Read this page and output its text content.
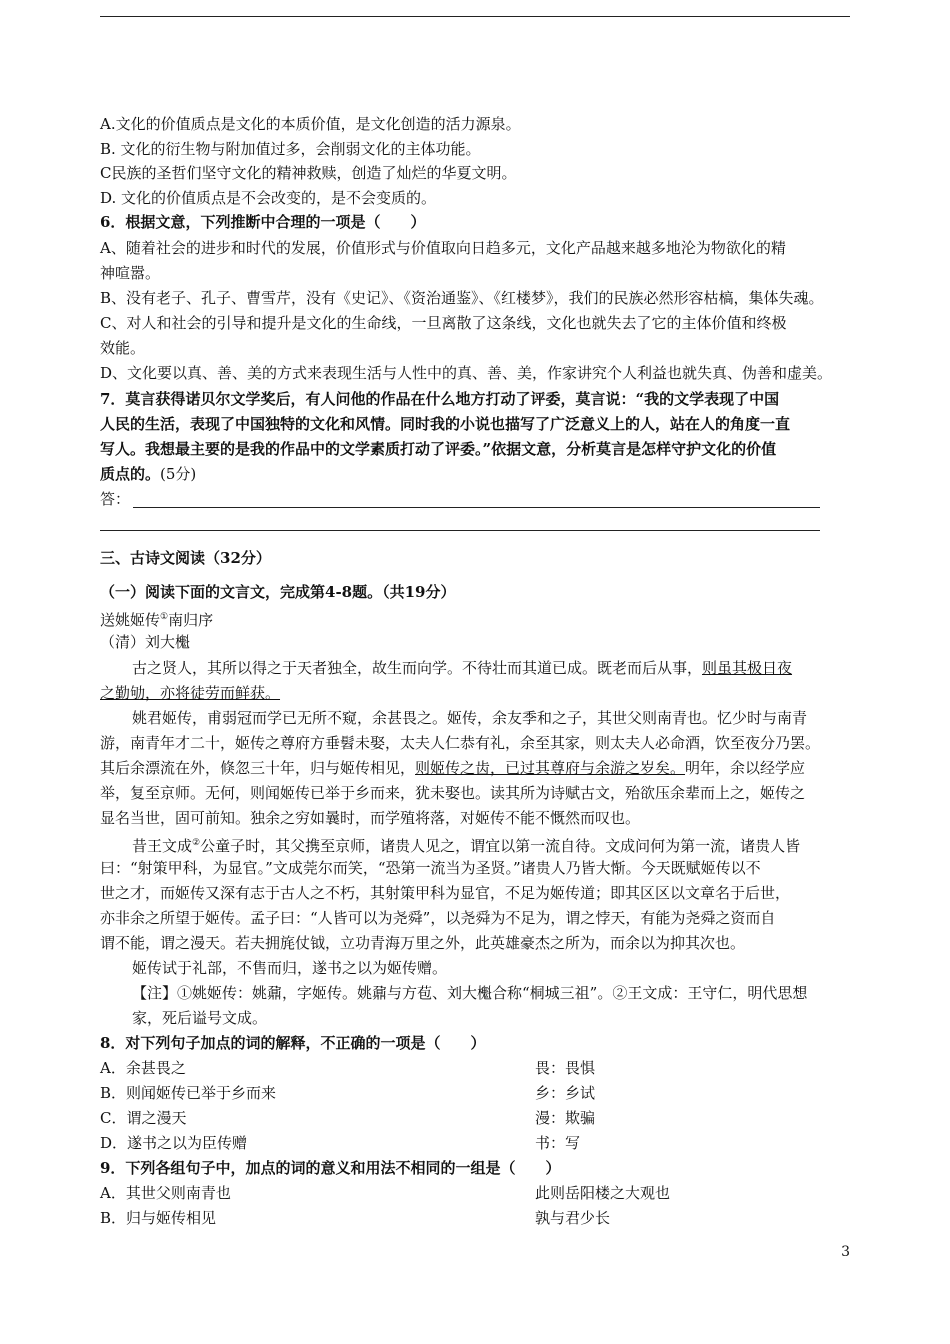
A.文化的价值质点是文化的本质价值，是文化创造的活力源泉。
B. 文化的衍生物与附加值过多，会削弱文化的主体功能。
C民族的圣哲们坚守文化的精神救赎，创造了灿烂的华夏文明。
D. 文化的价值质点是不会改变的，是不会变质的。
6．根据文意，下列推断中合理的一项是（　　）
A、随着社会的进步和时代的发展，价值形式与价值取向日趋多元，文化产品越来越多地沦为物欲化的精
神喧嚣。
B、没有老子、孔子、曹雪芹，没有《史记》、《资治通鉴》、《红楼梦》，我们的民族必然形容枯槁，集体失魂。
C、对人和社会的引导和提升是文化的生命线，一旦离散了这条线，文化也就失去了它的主体价值和终极
效能。
D、文化要以真、善、美的方式来表现生活与人性中的真、善、美，作家讲究个人利益也就失真、伪善和虚美。
7．莫言获得诺贝尔文学奖后，有人问他的作品在什么地方打动了评委，莫言说：“我的文学表现了中国
人民的生活，表现了中国独特的文化和风情。同时我的小说也描写了广泛意义上的人，站在人的角度一直
写人。我想最主要的是我的作品中的文学素质打动了评委。”依据文意，分析莫言是怎样守护文化的价值
质点的。(5分)
答：
三、古诗文阅读（32分）
（一）阅读下面的文言文，完成第4-8题。（共19分）
送姚姬传①南归序
（清）刘大櫆
古之贤人，其所以得之于天者独全，故生而向学。不待壮而其道已成。既老而后从事，则虽其极日夜
之勤劬，亦将徒劳而鲜获。
姚君姬传，甫弱冠而学已无所不窥，余甚畏之。姬传，余友季和之子，其世父则南青也。忆少时与南青
游，南青年才二十，姬传之尊府方垂髫未娶，太夫人仁恭有礼，余至其家，则太夫人必命酒，饮至夜分乃罢。
其后余漂流在外，倏忽三十年，归与姬传相见，则姬传之齿，已过其尊府与余游之岁矣。明年，余以经学应
举，复至京师。无何，则闻姬传已举于乡而来，犹未娶也。读其所为诗赋古文，殆欲压余辈而上之，姬传之
显名当世，固可前知。独余之穷如曩时，而学殖将落，对姬传不能不慨然而叹也。
昔王文成②公童子时，其父携至京师，诸贵人见之，谓宜以第一流自待。文成问何为第一流，诸贵人皆
曰：“射策甲科，为显官。”文成莞尔而笑，“恐第一流当为圣贤。”诸贵人乃皆大惭。今天既赋姬传以不
世之才，而姬传又深有志于古人之不朽，其射策甲科为显官，不足为姬传道；即其区区以文章名于后世，
亦非余之所望于姬传。孟子曰：“人皆可以为尧舜”，以尧舜为不足为，谓之悖天，有能为尧舜之资而自
谓不能，谓之漫天。若夫拥旄仗钺，立功青海万里之外，此英雄豪杰之所为，而余以为抑其次也。
姬传试于礼部，不售而归，遂书之以为姬传赠。
【注】①姚姬传：姚鼐，字姬传。姚鼐与方苞、刘大櫆合称“桐城三祖”。②王文成：王守仁，明代思想
家，死后谥号文成。
8．对下列句子加点的词的解释，不正确的一项是（　　）
A．余甚畏之	畏：畏惧
B．则闻姬传已举于乡而来	乡：乡试
C．谓之漫天	漫：欺骗
D．遂书之以为臣传赠	书：写
9．下列各组句子中，加点的词的意义和用法不相同的一组是（　　）
A．其世父则南青也	此则岳阳楼之大观也
B．归与姬传相见	孰与君少长
3
